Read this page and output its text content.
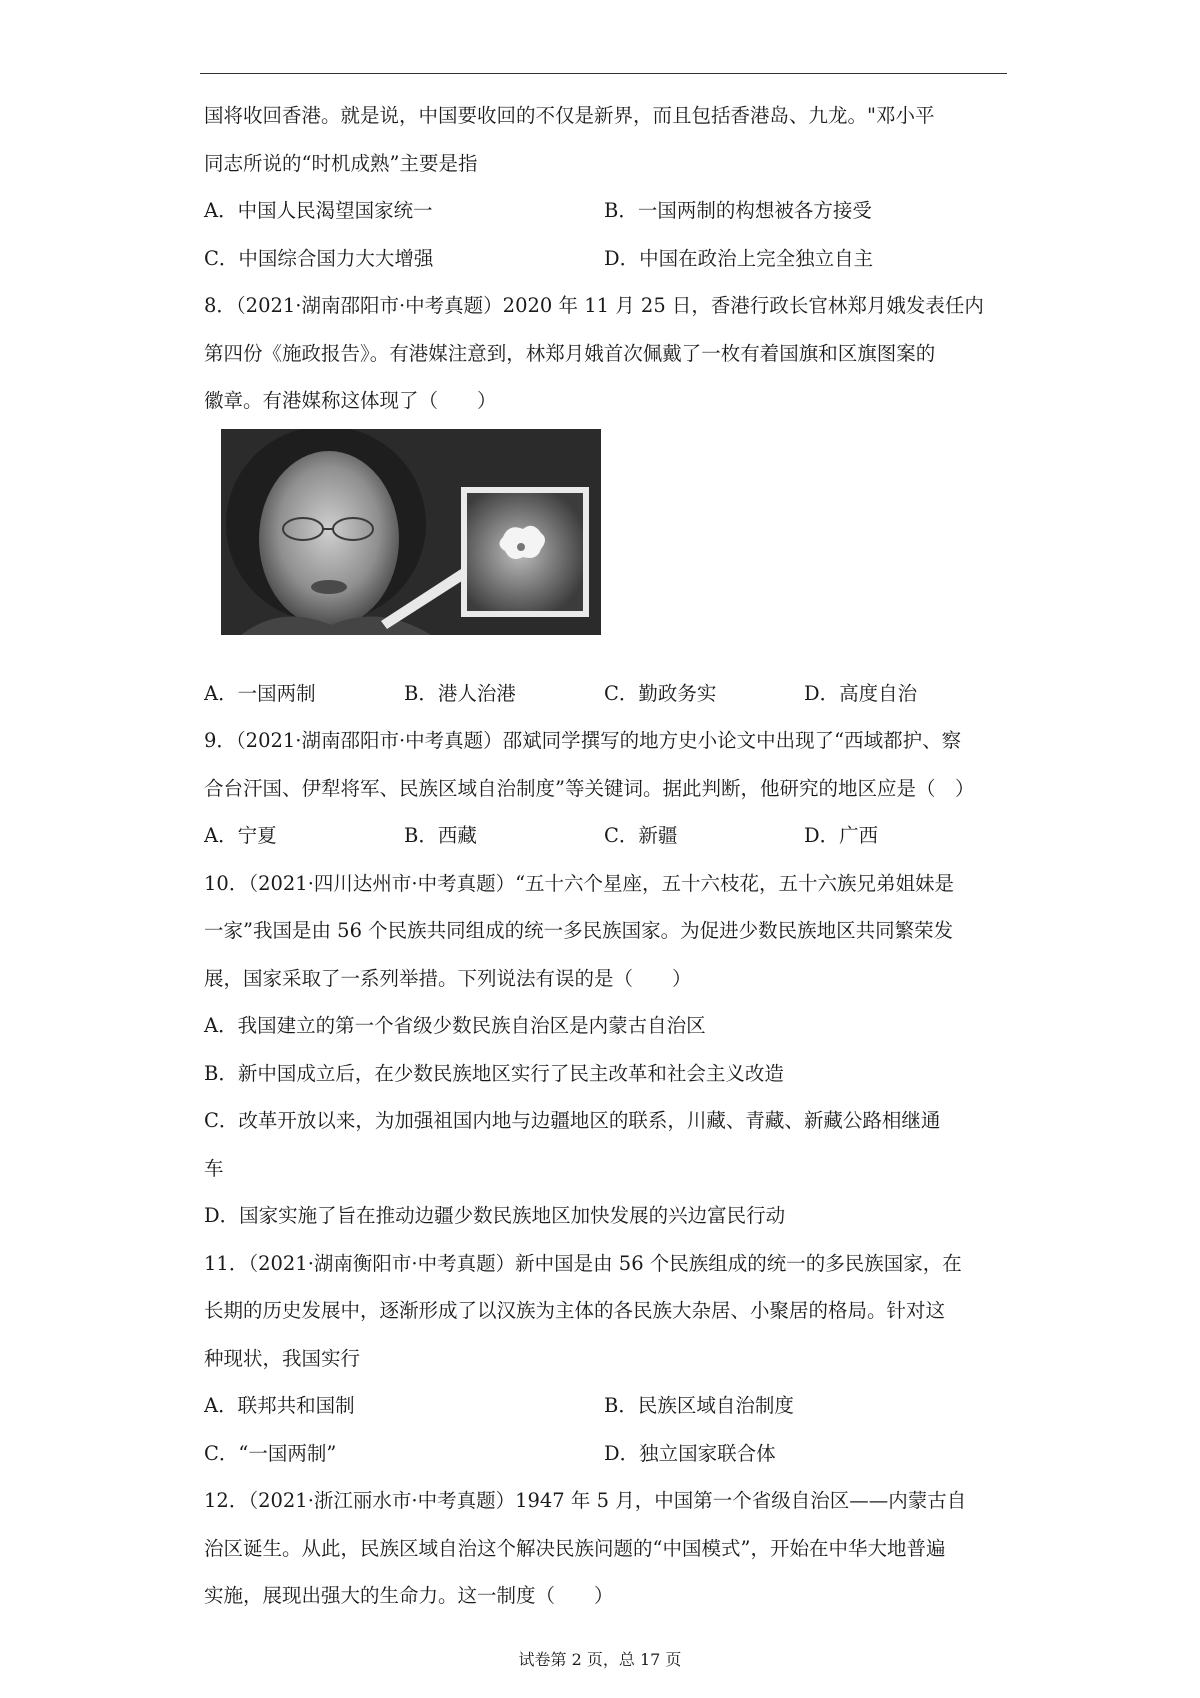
国将收回香港。就是说，中国要收回的不仅是新界，而且包括香港岛、九龙。"邓小平

同志所说的“时机成熟”主要是指

A．中国人民渴望国家统一	B．一国两制的构想被各方接受
C．中国综合国力大大增强	D．中国在政治上完全独立自主

8．（2021·湖南邵阳市·中考真题）2020 年 11 月 25 日，香港行政长官林郑月娥发表任内

第四份《施政报告》。有港媒注意到，林郑月娥首次佩戴了一枚有着国旗和区旗图案的

徽章。有港媒称这体现了（　　）

A．一国两制	B．港人治港	C．勤政务实	D．高度自治

9．（2021·湖南邵阳市·中考真题）邵斌同学撰写的地方史小论文中出现了“西域都护、察

合台汗国、伊犁将军、民族区域自治制度”等关键词。据此判断，他研究的地区应是（　）

A．宁夏	B．西藏	C．新疆	D．广西

10．（2021·四川达州市·中考真题）“五十六个星座，五十六枝花，五十六族兄弟姐妹是

一家”我国是由 56 个民族共同组成的统一多民族国家。为促进少数民族地区共同繁荣发

展，国家采取了一系列举措。下列说法有误的是（　　）

A．我国建立的第一个省级少数民族自治区是内蒙古自治区

B．新中国成立后，在少数民族地区实行了民主改革和社会主义改造

C．改革开放以来，为加强祖国内地与边疆地区的联系，川藏、青藏、新藏公路相继通

车

D．国家实施了旨在推动边疆少数民族地区加快发展的兴边富民行动

11．（2021·湖南衡阳市·中考真题）新中国是由 56 个民族组成的统一的多民族国家，在

长期的历史发展中，逐渐形成了以汉族为主体的各民族大杂居、小聚居的格局。针对这

种现状，我国实行

A．联邦共和国制	B．民族区域自治制度
C．“一国两制”	D．独立国家联合体

12．（2021·浙江丽水市·中考真题）1947 年 5 月，中国第一个省级自治区——内蒙古自

治区诞生。从此，民族区域自治这个解决民族问题的“中国模式”，开始在中华大地普遍

实施，展现出强大的生命力。这一制度（　　）

试卷第 2 页，总 17 页
